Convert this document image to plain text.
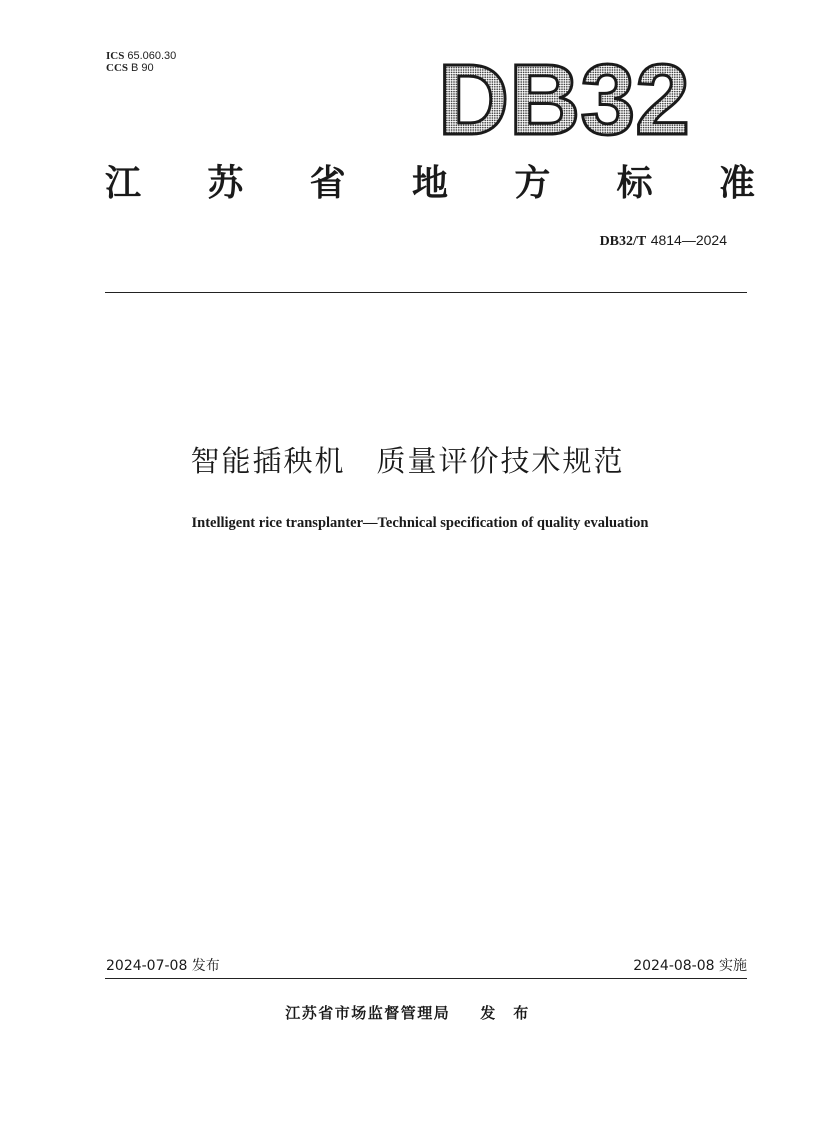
ICS 65.060.30
CCS B 90	DB32
江 苏 省 地 方 标 准
DB32/T 4814—2024
智能插秧机　质量评价技术规范
Intelligent rice transplanter—Technical specification of quality evaluation
2024-07-08 发布	2024-08-08 实施
江苏省市场监督管理局 发　布
